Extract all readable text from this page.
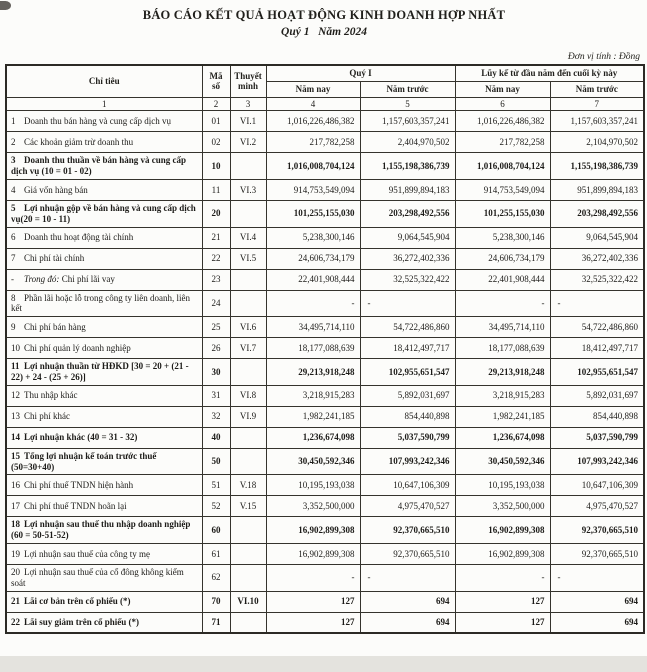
BÁO CÁO KẾT QUẢ HOẠT ĐỘNG KINH DOANH HỢP NHẤT
Quý 1   Năm 2024
Đơn vị tính : Đồng
Chỉ tiêu	Mã số	Thuyết minh	Quý I		Lũy kế từ đầu năm đến cuối kỳ này	
			Năm nay	Năm trước	Năm nay	Năm trước
1	2	3	4	5	6	7
1 Doanh thu bán hàng và cung cấp dịch vụ	01	VI.1	1,016,226,486,382	1,157,603,357,241	1,016,226,486,382	1,157,603,357,241
2 Các khoản giảm trừ doanh thu	02	VI.2	217,782,258	2,404,970,502	217,782,258	2,104,970,502
3 Doanh thu thuần về bán hàng và cung cấp dịch vụ (10 = 01 - 02)	10		1,016,008,704,124	1,155,198,386,739	1,016,008,704,124	1,155,198,386,739
4 Giá vốn hàng bán	11	VI.3	914,753,549,094	951,899,894,183	914,753,549,094	951,899,894,183
5 Lợi nhuận gộp về bán hàng và cung cấp dịch vụ(20 = 10 - 11)	20		101,255,155,030	203,298,492,556	101,255,155,030	203,298,492,556
6 Doanh thu hoạt động tài chính	21	VI.4	5,238,300,146	9,064,545,904	5,238,300,146	9,064,545,904
7 Chi phí tài chính	22	VI.5	24,606,734,179	36,272,402,336	24,606,734,179	36,272,402,336
- Trong đó: Chi phí lãi vay	23		22,401,908,444	32,525,322,422	22,401,908,444	32,525,322,422
8 Phần lãi hoặc lỗ trong công ty liên doanh, liên kết	24		-	-	-	-
9 Chi phí bán hàng	25	VI.6	34,495,714,110	54,722,486,860	34,495,714,110	54,722,486,860
10 Chi phí quản lý doanh nghiệp	26	VI.7	18,177,088,639	18,412,497,717	18,177,088,639	18,412,497,717
11 Lợi nhuận thuần từ HĐKD [30 = 20 + (21 - 22) + 24 - (25 + 26)]	30		29,213,918,248	102,955,651,547	29,213,918,248	102,955,651,547
12 Thu nhập khác	31	VI.8	3,218,915,283	5,892,031,697	3,218,915,283	5,892,031,697
13 Chi phí khác	32	VI.9	1,982,241,185	854,440,898	1,982,241,185	854,440,898
14 Lợi nhuận khác (40 = 31 - 32)	40		1,236,674,098	5,037,590,799	1,236,674,098	5,037,590,799
15 Tổng lợi nhuận kế toán trước thuế (50=30+40)	50		30,450,592,346	107,993,242,346	30,450,592,346	107,993,242,346
16 Chi phí thuế TNDN hiện hành	51	V.18	10,195,193,038	10,647,106,309	10,195,193,038	10,647,106,309
17 Chi phí thuế TNDN hoãn lại	52	V.15	3,352,500,000	4,975,470,527	3,352,500,000	4,975,470,527
18 Lợi nhuận sau thuế thu nhập doanh nghiệp (60 = 50-51-52)	60		16,902,899,308	92,370,665,510	16,902,899,308	92,370,665,510
19 Lợi nhuận sau thuế của công ty mẹ	61		16,902,899,308	92,370,665,510	16,902,899,308	92,370,665,510
20 Lợi nhuận sau thuế của cổ đông không kiểm soát	62		-	-	-	-
21 Lãi cơ bản trên cổ phiếu (*)	70	VI.10	127	694	127	694
22 Lãi suy giảm trên cổ phiếu (*)	71		127	694	127	694
